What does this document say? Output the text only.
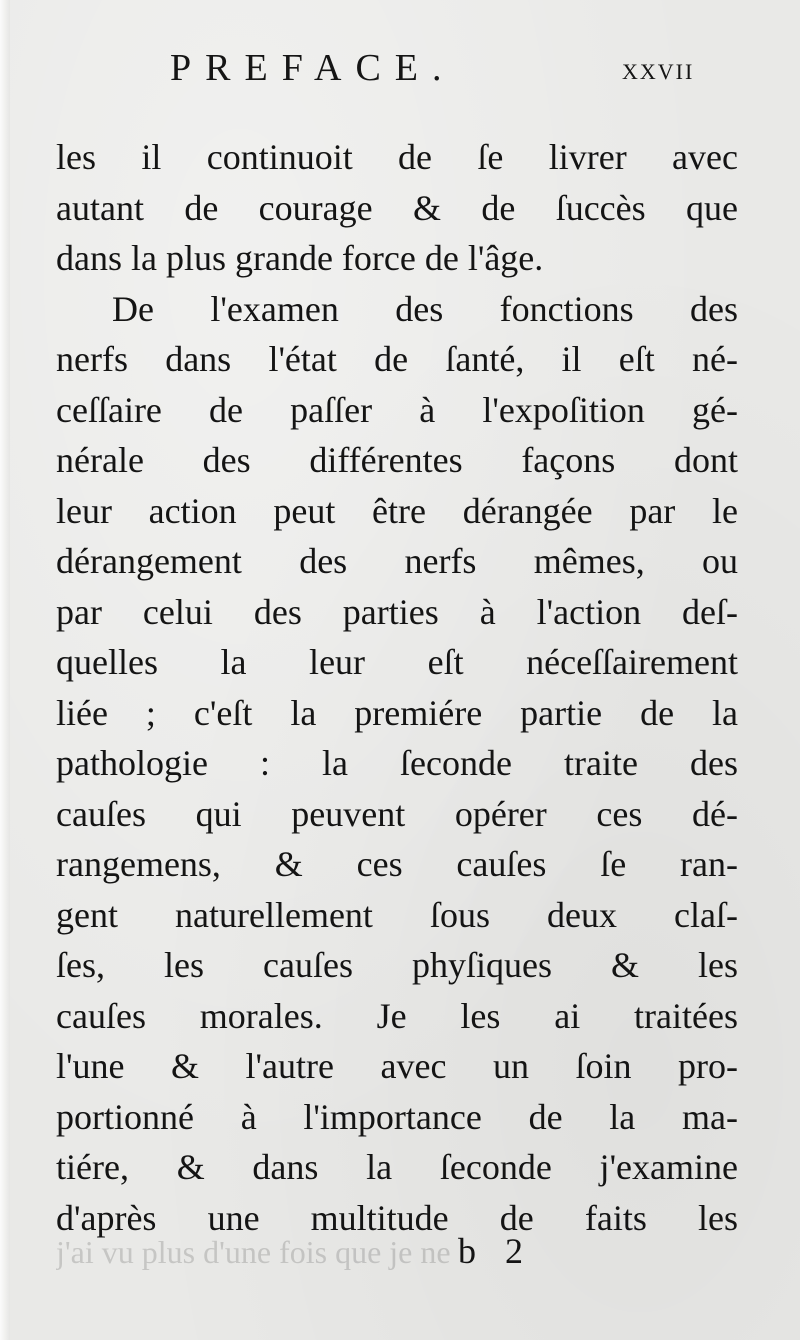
PREFACE.	xxvii
les il continuoit de ſe livrer avec
autant de courage & de ſuccès que
dans la plus grande force de l'âge.
De l'examen des fonctions des
nerfs dans l'état de ſanté, il eſt né-
ceſſaire de paſſer à l'expoſition gé-
nérale des différentes façons dont
leur action peut être dérangée par le
dérangement des nerfs mêmes, ou
par celui des parties à l'action deſ-
quelles la leur eſt néceſſairement
liée ; c'eſt la premiére partie de la
pathologie : la ſeconde traite des
cauſes qui peuvent opérer ces dé-
rangemens, & ces cauſes ſe ran-
gent naturellement ſous deux claſ-
ſes, les cauſes phyſiques & les
cauſes morales. Je les ai traitées
l'une & l'autre avec un ſoin pro-
portionné à l'importance de la ma-
tiére, & dans la ſeconde j'examine
d'après une multitude de faits les
j'ai vu plus d'une fois que je ne b 2
